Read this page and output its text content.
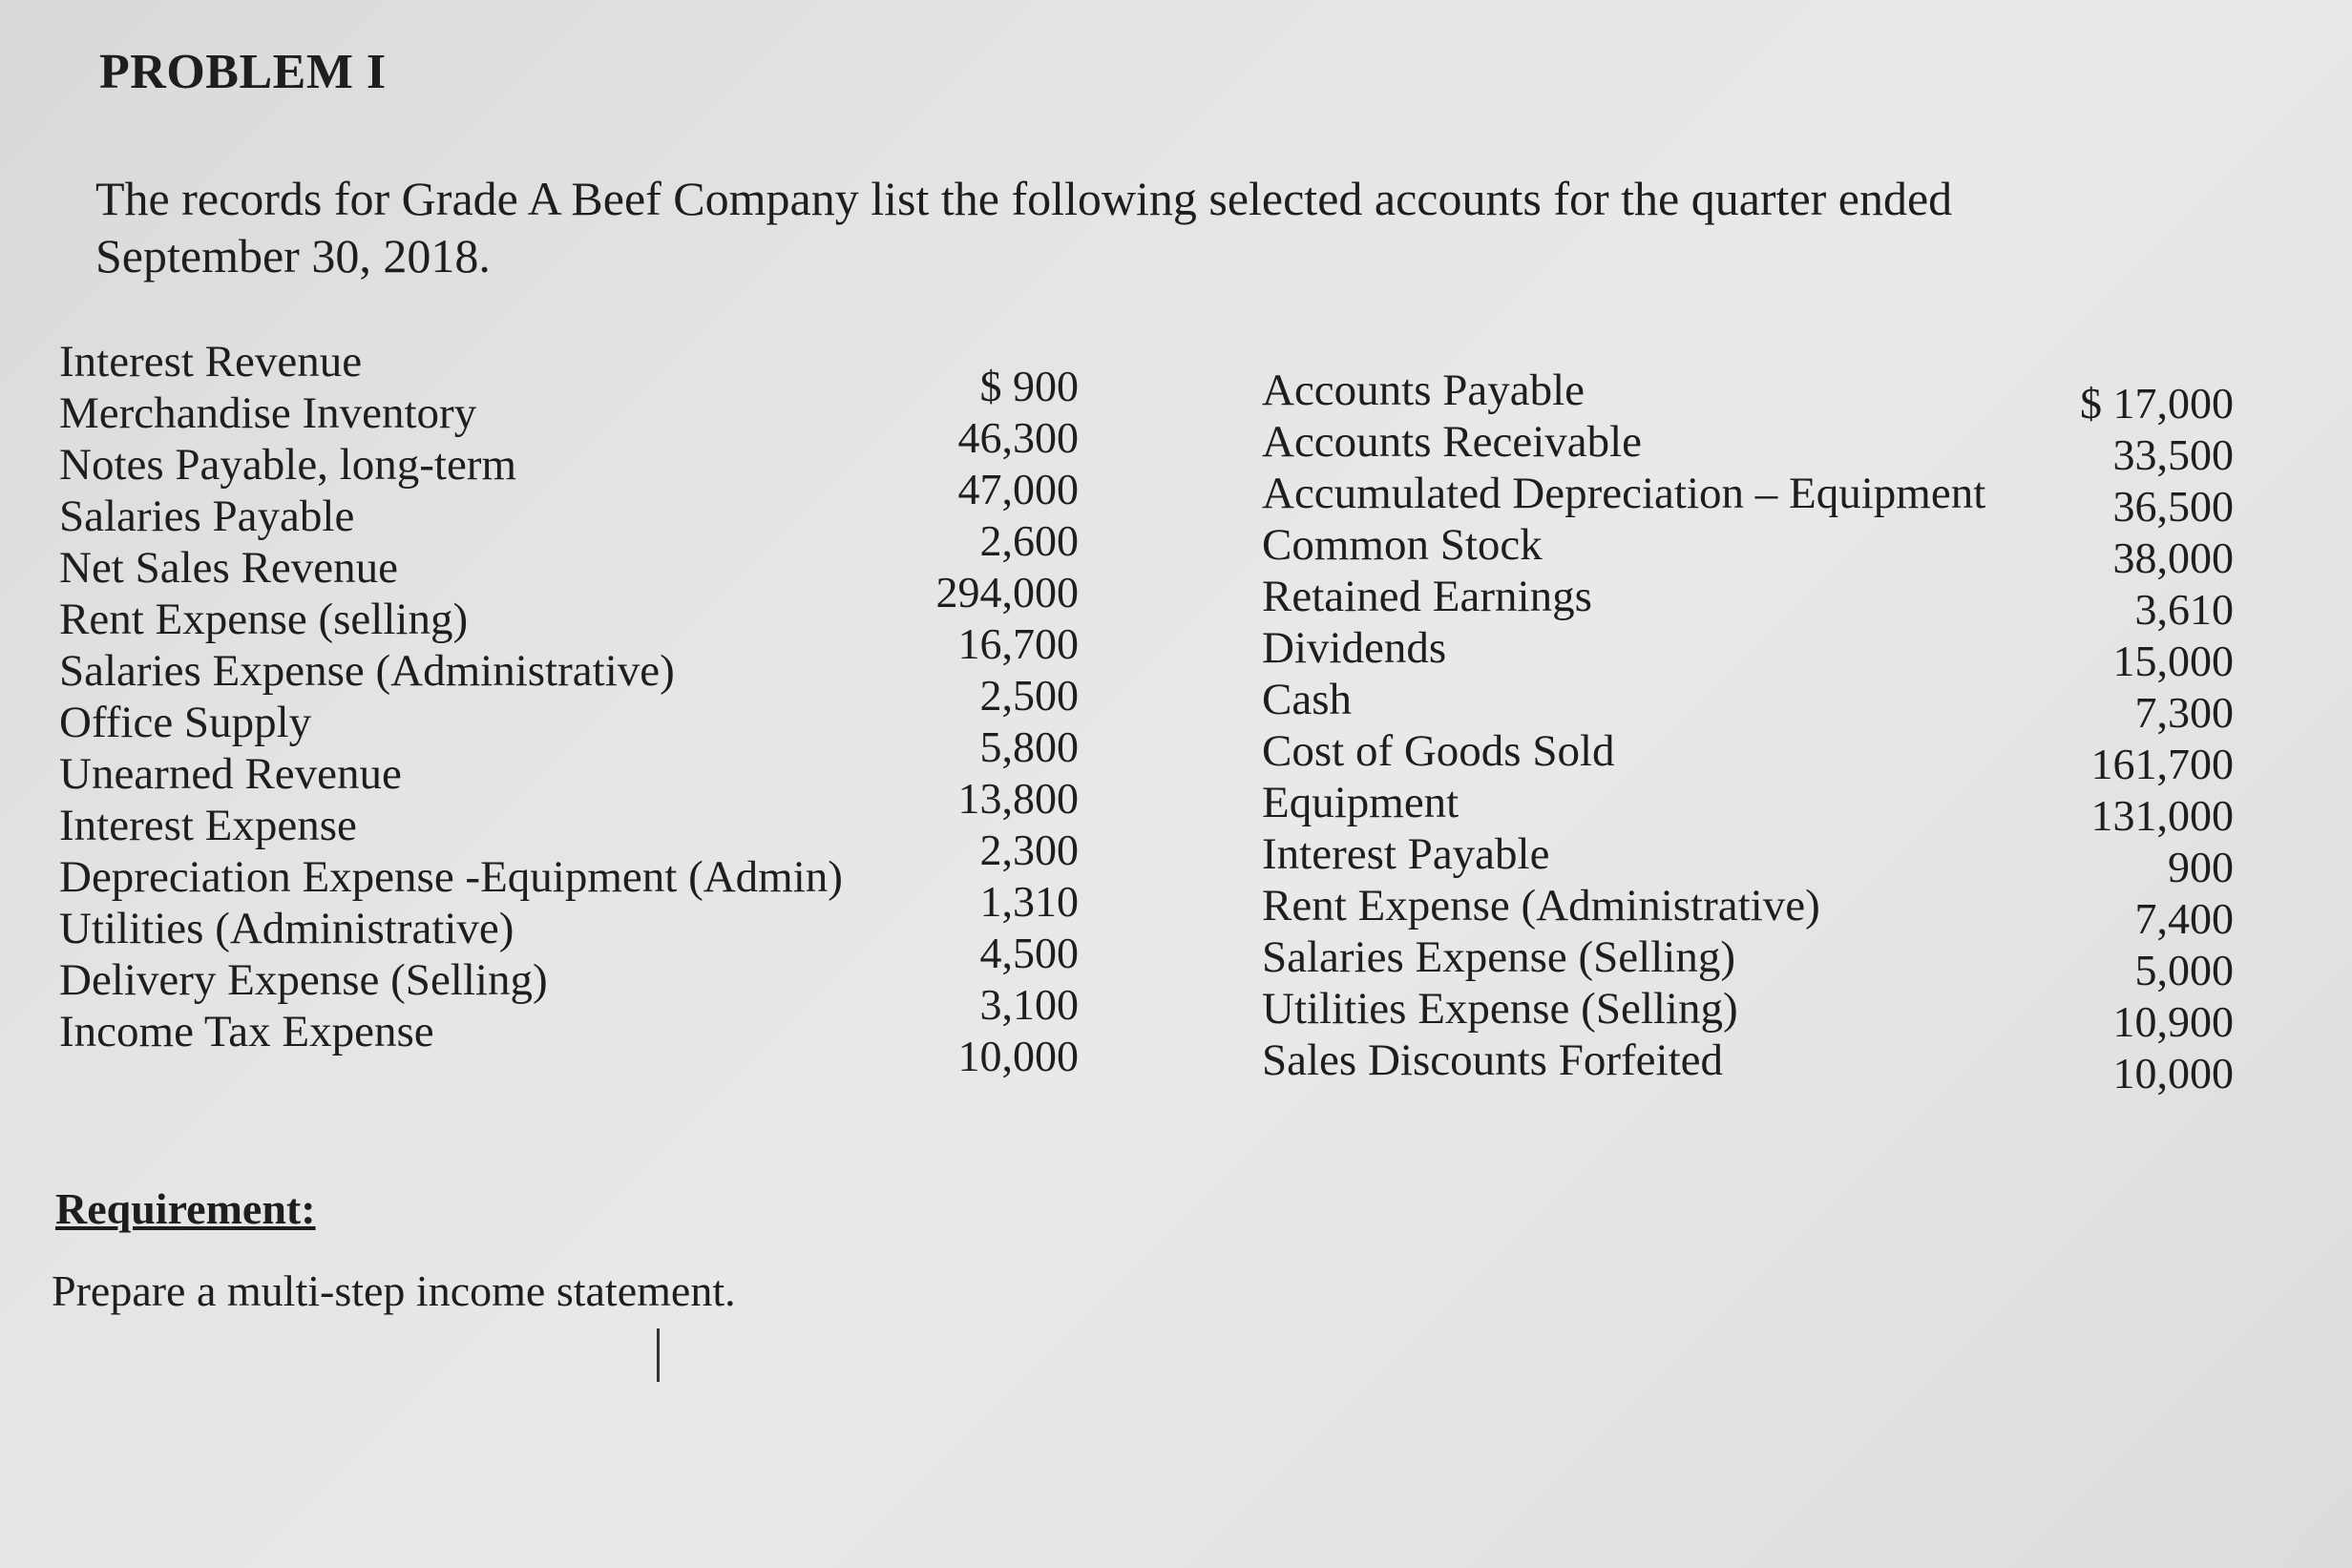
PROBLEM I
The records for Grade A Beef Company list the following selected accounts for the quarter ended September 30, 2018.
Interest Revenue
Merchandise Inventory
Notes Payable, long-term
Salaries Payable
Net Sales Revenue
Rent Expense (selling)
Salaries Expense (Administrative)
Office Supply
Unearned Revenue
Interest Expense
Depreciation Expense -Equipment (Admin)
Utilities (Administrative)
Delivery Expense (Selling)
Income Tax Expense
$ 900
46,300
47,000
2,600
294,000
16,700
2,500
5,800
13,800
2,300
1,310
4,500
3,100
10,000
Accounts Payable
Accounts Receivable
Accumulated Depreciation – Equipment
Common Stock
Retained Earnings
Dividends
Cash
Cost of Goods Sold
Equipment
Interest Payable
Rent Expense (Administrative)
Salaries Expense (Selling)
Utilities Expense (Selling)
Sales Discounts Forfeited
$ 17,000
33,500
36,500
38,000
3,610
15,000
7,300
161,700
131,000
900
7,400
5,000
10,900
10,000
Requirement:
Prepare a multi-step income statement.
